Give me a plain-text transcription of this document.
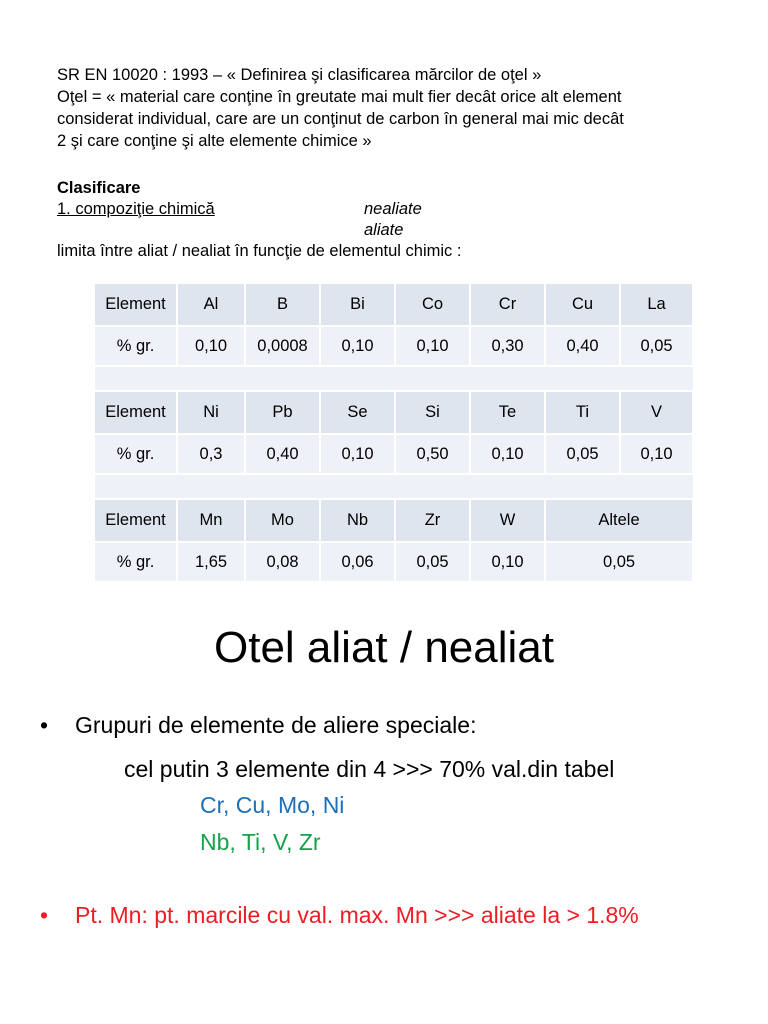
SR EN 10020 : 1993 – « Definirea şi clasificarea mărcilor de oţel »
Oţel = « material care conţine în greutate mai mult fier decât orice alt element
considerat individual, care are un conţinut de carbon în general mai mic decât
2 şi care conţine şi alte elemente chimice »
Clasificare
1. compoziţie chimică	nealiate
aliate
limita între aliat / nealiat în funcţie de elementul chimic :
Element	Al	B	Bi	Co	Cr	Cu	La
% gr.	0,10	0,0008	0,10	0,10	0,30	0,40	0,05

Element	Ni	Pb	Se	Si	Te	Ti	V
% gr.	0,3	0,40	0,10	0,50	0,10	0,05	0,10

Element	Mn	Mo	Nb	Zr	W	Altele	
% gr.	1,65	0,08	0,06	0,05	0,10	0,05	
Otel aliat / nealiat
• Grupuri de elemente de aliere speciale:
cel putin 3 elemente din 4 >>> 70% val.din tabel
Cr, Cu, Mo, Ni
Nb, Ti, V, Zr
• Pt. Mn: pt. marcile cu val. max. Mn >>> aliate la > 1.8%
